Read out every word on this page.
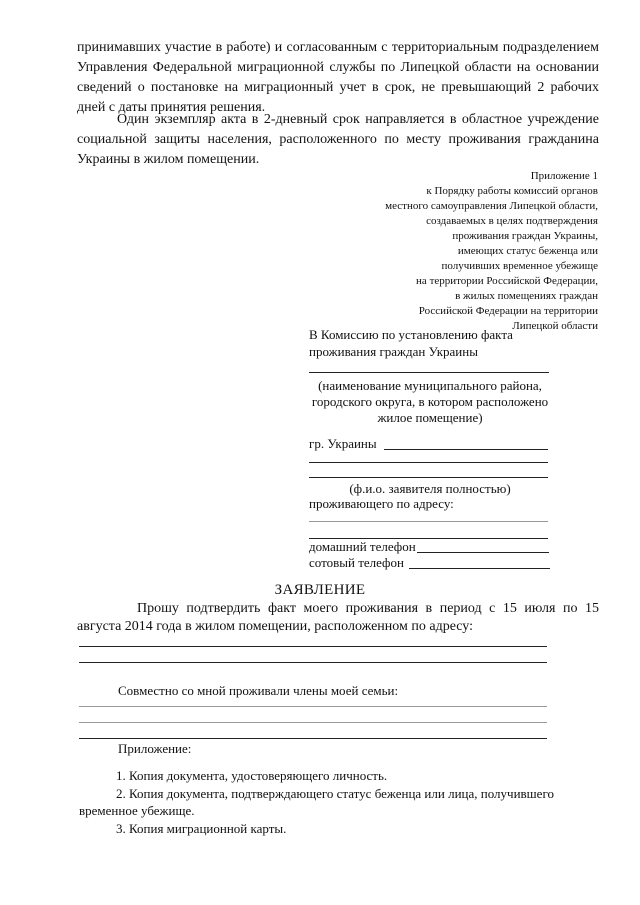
принимавших участие в работе) и согласованным с территориальным подразделением Управления Федеральной миграционной службы по Липецкой области на основании сведений о постановке на миграционный учет в срок, не превышающий 2 рабочих дней с даты принятия решения.

Один экземпляр акта в 2-дневный срок направляется в областное учреждение социальной защиты населения, расположенного по месту проживания гражданина Украины в жилом помещении.

Приложение 1
к Порядку работы комиссий органов
местного самоуправления Липецкой области,
создаваемых в целях подтверждения
проживания граждан Украины,
имеющих статус беженца или
получивших временное убежище
на территории Российской Федерации,
в жилых помещениях граждан
Российской Федерации на территории
Липецкой области
В Комиссию по установлению факта
проживания граждан Украины
(наименование муниципального района,
городского округа, в котором расположено
жилое помещение)
гр. Украины
(ф.и.о. заявителя полностью)
проживающего по адресу:
домашний телефон
сотовый телефон
ЗАЯВЛЕНИЕ

Прошу подтвердить факт моего проживания в период с 15 июля по 15 августа 2014 года в жилом помещении, расположенном по адресу:

Совместно со мной проживали члены моей семьи:
Приложение:
1. Копия документа, удостоверяющего личность.
2. Копия документа, подтверждающего статус беженца или лица, получившего временное убежище.
3. Копия миграционной карты.
